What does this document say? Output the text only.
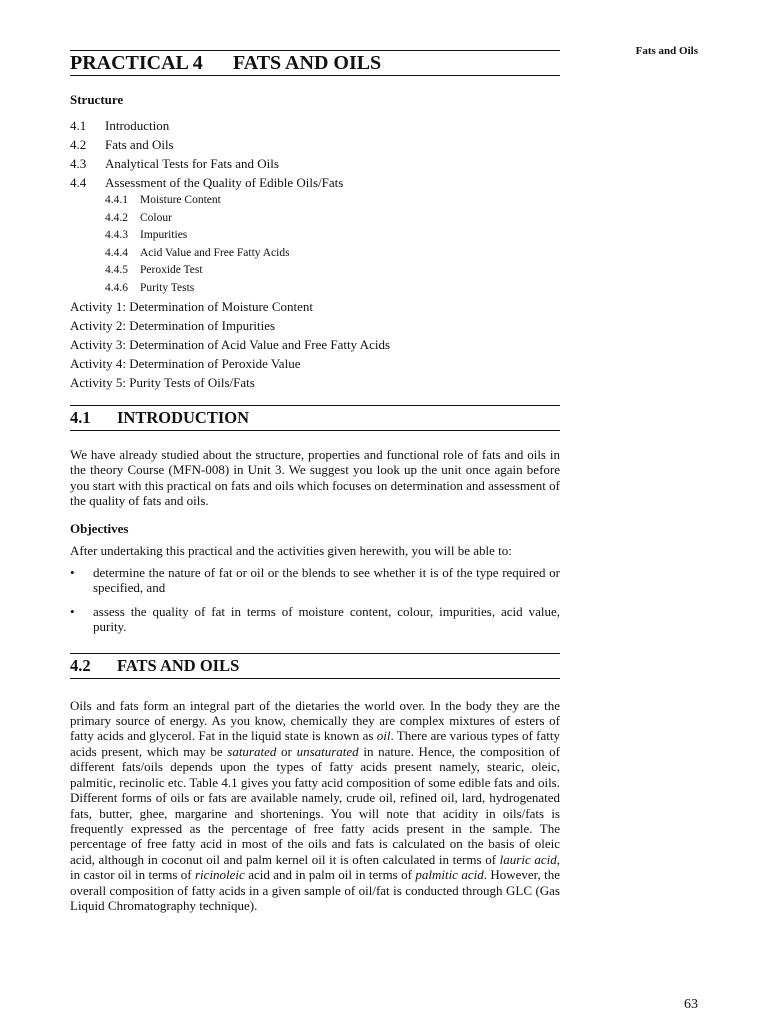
Fats and Oils
PRACTICAL 4 FATS AND OILS
Structure
4.1 Introduction
4.2 Fats and Oils
4.3 Analytical Tests for Fats and Oils
4.4 Assessment of the Quality of Edible Oils/Fats
4.4.1 Moisture Content
4.4.2 Colour
4.4.3 Impurities
4.4.4 Acid Value and Free Fatty Acids
4.4.5 Peroxide Test
4.4.6 Purity Tests
Activity 1: Determination of Moisture Content
Activity 2: Determination of Impurities
Activity 3: Determination of Acid Value and Free Fatty Acids
Activity 4: Determination of Peroxide Value
Activity 5: Purity Tests of Oils/Fats
4.1 INTRODUCTION

We have already studied about the structure, properties and functional role of fats and oils in the theory Course (MFN-008) in Unit 3. We suggest you look up the unit once again before you start with this practical on fats and oils which focuses on determination and assessment of the quality of fats and oils.

Objectives

After undertaking this practical and the activities given herewith, you will be able to:

•	determine the nature of fat or oil or the blends to see whether it is of the type required or specified, and
•	assess the quality of fat in terms of moisture content, colour, impurities, acid value, purity.
4.2 FATS AND OILS

Oils and fats form an integral part of the dietaries the world over. In the body they are the primary source of energy. As you know, chemically they are complex mixtures of esters of fatty acids and glycerol. Fat in the liquid state is known as oil. There are various types of fatty acids present, which may be saturated or unsaturated in nature. Hence, the composition of different fats/oils depends upon the types of fatty acids present namely, stearic, oleic, palmitic, recinolic etc. Table 4.1 gives you fatty acid composition of some edible fats and oils. Different forms of oils or fats are available namely, crude oil, refined oil, lard, hydrogenated fats, butter, ghee, margarine and shortenings. You will note that acidity in oils/fats is frequently expressed as the percentage of free fatty acids present in the sample. The percentage of free fatty acid in most of the oils and fats is calculated on the basis of oleic acid, although in coconut oil and palm kernel oil it is often calculated in terms of lauric acid, in castor oil in terms of ricinoleic acid and in palm oil in terms of palmitic acid. However, the overall composition of fatty acids in a given sample of oil/fat is conducted through GLC (Gas Liquid Chromatography technique).

63
